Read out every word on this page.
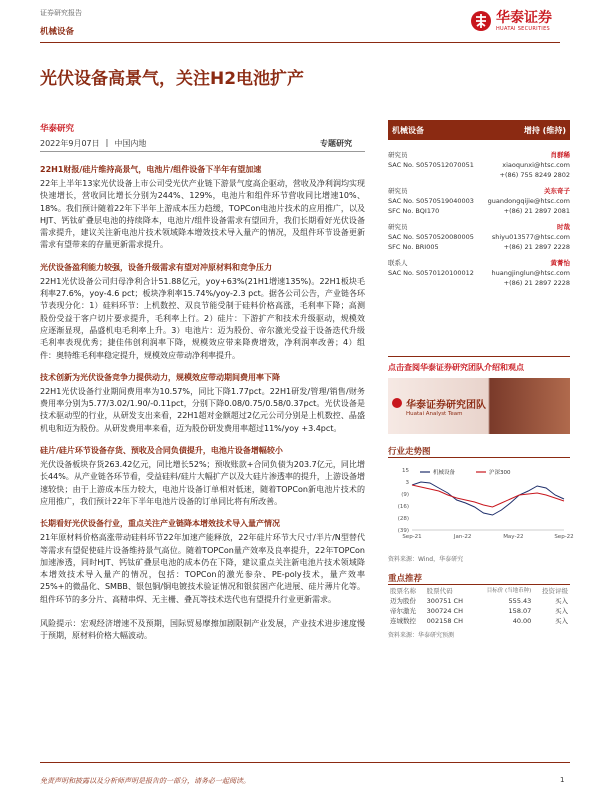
证券研究报告
机械设备
华泰证券
HUATAI SECURITIES
光伏设备高景气，关注H2电池扩产
华泰研究
2022年9月07日 | 中国内地	专题研究
22H1财报/硅片维持高景气，电池片/组件设备下半年有望加速
22年上半年13家光伏设备上市公司受光伏产业链下游景气度高企驱动，营收及净利润均实现快速增长，营收同比增长分别为244%、129%，电池片和组件环节营收同比增速10%、18%。我们预计随着22年下半年上游成本压力趋缓，TOPCon电池片技术的应用推广，以及HJT、钙钛矿叠层电池的持续降本，电池片/组件设备需求有望回升，我们长期看好光伏设备需求提升，建议关注新电池片技术领域降本增效技术导入量产的情况，及组件环节设备更新需求有望带来的存量更新需求提升。
光伏设备盈利能力较强，设备升级需求有望对冲原材料和竞争压力
22H1光伏设备公司归母净利合计51.88亿元，yoy+63%(21H1增速135%)。22H1板块毛利率27.6%，yoy-4.6 pct；板块净利率15.74%/yoy-2.3 pct。据各公司公告，产业链各环节表现分化：1）硅料环节：上机数控、双良节能受制于硅料价格高涨，毛利率下降；高测股份受益于客户切片要求提升，毛利率上行。2）硅片：下游扩产和技术升级驱动，规模效应逐渐显现，晶盛机电毛利率上升。3）电池片：迈为股份、帝尔激光受益于设备迭代升级毛利率表现优秀；捷佳伟创利润率下降，规模效应带来降费增效，净利润率改善；4）组件：奥特维毛利率稳定提升，规模效应带动净利率提升。
技术创新为光伏设备竞争力提供动力，规模效应带动期间费用率下降
22H1光伏设备行业期间费用率为10.57%，同比下降1.77pct。22H1研发/管理/销售/财务费用率分别为5.77/3.02/1.90/-0.11pct，分别下降0.08/0.75/0.58/0.37pct。光伏设备是技术驱动型的行业，从研发支出来看，22H1超对金额超过2亿元公司分别是上机数控、晶盛机电和迈为股份。从研发费用率来看，迈为股份研发费用率超过11%/yoy +3.4pct。
硅片/硅片环节设备存货、预收及合同负债提升，电池片设备增幅较小
光伏设备板块存货263.42亿元，同比增长52%；预收账款+合同负债为203.7亿元，同比增长44%。从产业链各环节看，受益硅料/硅片大幅扩产以及大硅片渗透率的提升，上游设备增速较快；由于上游成本压力较大，电池片设备订单相对低迷，随着TOPCon新电池片技术的应用推广，我们预计22年下半年电池片设备的订单同比将有所改善。
长期看好光伏设备行业，重点关注产业链降本增效技术导入量产情况
21年原材料价格高涨带动硅料环节22年加速产能释放，22年硅片环节大尺寸/半片/N型替代等需求有望促使硅片设备维持景气高位。随着TOPCon量产效率及良率提升，22年TOPCon加速渗透，同时HJT、钙钛矿叠层电池的成本仍在下降，建议重点关注新电池片技术领域降本增效技术导入量产的情况，包括：TOPCon的激光参杂、PE-poly技术，量产效率25%+的微晶化、SMBB、银包铜/铜电镀技术验证情况和银贫困产化进展、硅片薄片化等。组件环节的多分片、高精串焊、无主栅、叠瓦等技术迭代也有望提升行业更新需求。
风险提示：宏观经济增速不及预期，国际贸易摩擦加剧限制产业发展，产业技术进步速度慢于预期，原材料价格大幅波动。
机械设备	增持 (维持)
研究员	肖群稀
SAC No. S0570512070051	xiaoqunxi@htsc.com
+(86) 755 8249 2802
研究员	关东奇子
SAC No. S0570519040003 guandongqijie@htsc.com
SFC No. BQI170	+(86) 21 2897 2081
研究员	时哉
SAC No. S0570520080005	shiyu013577@htsc.com
SFC No. BRI005	+(86) 21 2897 2228
联系人	黄菁怡
SAC No. S0570120100012	huangjinglun@htsc.com
+(86) 21 2897 2228
点击查阅华泰证券研究团队介绍和观点
华泰证券研究团队
Huatai Analyst Team
行业走势图
15
3
(9)
(16)
(28)
(39)
Sep-21	Jan-22	May-22	Sep-22
机械设备	沪深300
资料来源：Wind，华泰研究
重点推荐
股票名称	股票代码	目标价 (当地币种)	投资评级
迈为股份	300751 CH	555.43	买入
帝尔激光	300724 CH	158.07	买入
连城数控	002158 CH	40.00	买入
资料来源：华泰研究预测
免责声明和披露以及分析师声明是报告的一部分，请务必一起阅读。	1
